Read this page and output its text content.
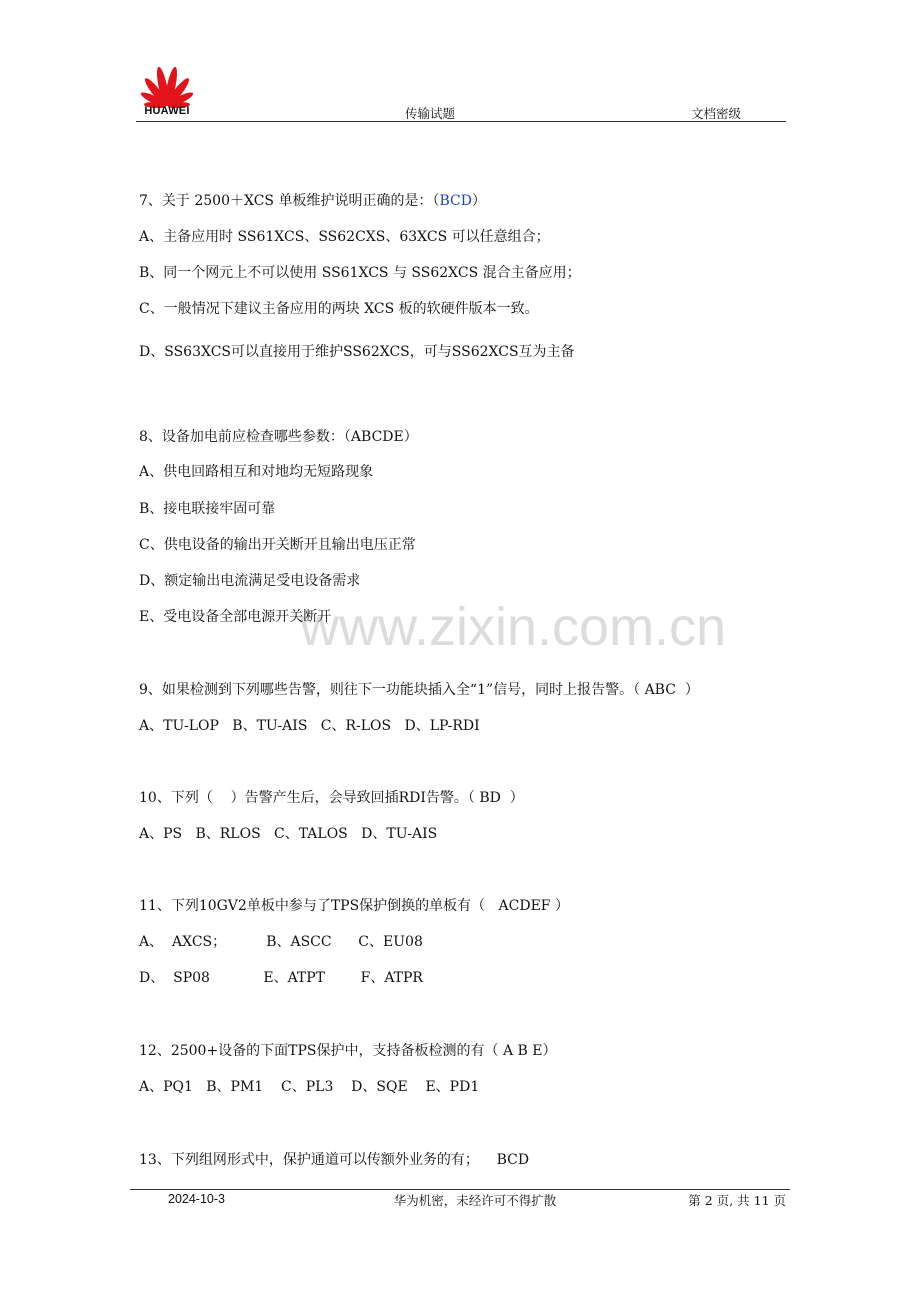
HUAWEI	传输试题	文档密级
www.zixin.com.cn
7、关于 2500＋XCS 单板维护说明正确的是：（BCD）
A、主备应用时 SS61XCS、SS62CXS、63XCS 可以任意组合；
B、同一个网元上不可以使用 SS61XCS 与 SS62XCS 混合主备应用；
C、一般情况下建议主备应用的两块 XCS 板的软硬件版本一致。
D、SS63XCS可以直接用于维护SS62XCS，可与SS62XCS互为主备
8、设备加电前应检查哪些参数：（ABCDE）
A、供电回路相互和对地均无短路现象
B、接电联接牢固可靠
C、供电设备的输出开关断开且输出电压正常
D、额定输出电流满足受电设备需求
E、受电设备全部电源开关断开
9、如果检测到下列哪些告警，则往下一功能块插入全“1”信号，同时上报告警。（ ABC  ）
A、TU-LOP   B、TU-AIS   C、R-LOS   D、LP-RDI
10、下列（    ）告警产生后，会导致回插RDI告警。（ BD  ）
A、PS   B、RLOS   C、TALOS   D、TU-AIS
11、下列10GV2单板中参与了TPS保护倒换的单板有（   ACDEF ）
A、  AXCS；         B、ASCC      C、EU08
D、  SP08            E、ATPT        F、ATPR
12、2500+设备的下面TPS保护中，支持备板检测的有（ A B E）
A、PQ1   B、PM1    C、PL3    D、SQE    E、PD1
13、下列组网形式中，保护通道可以传额外业务的有；    BCD
2024-10-3	华为机密，未经许可不得扩散	第 2 页, 共 11 页
